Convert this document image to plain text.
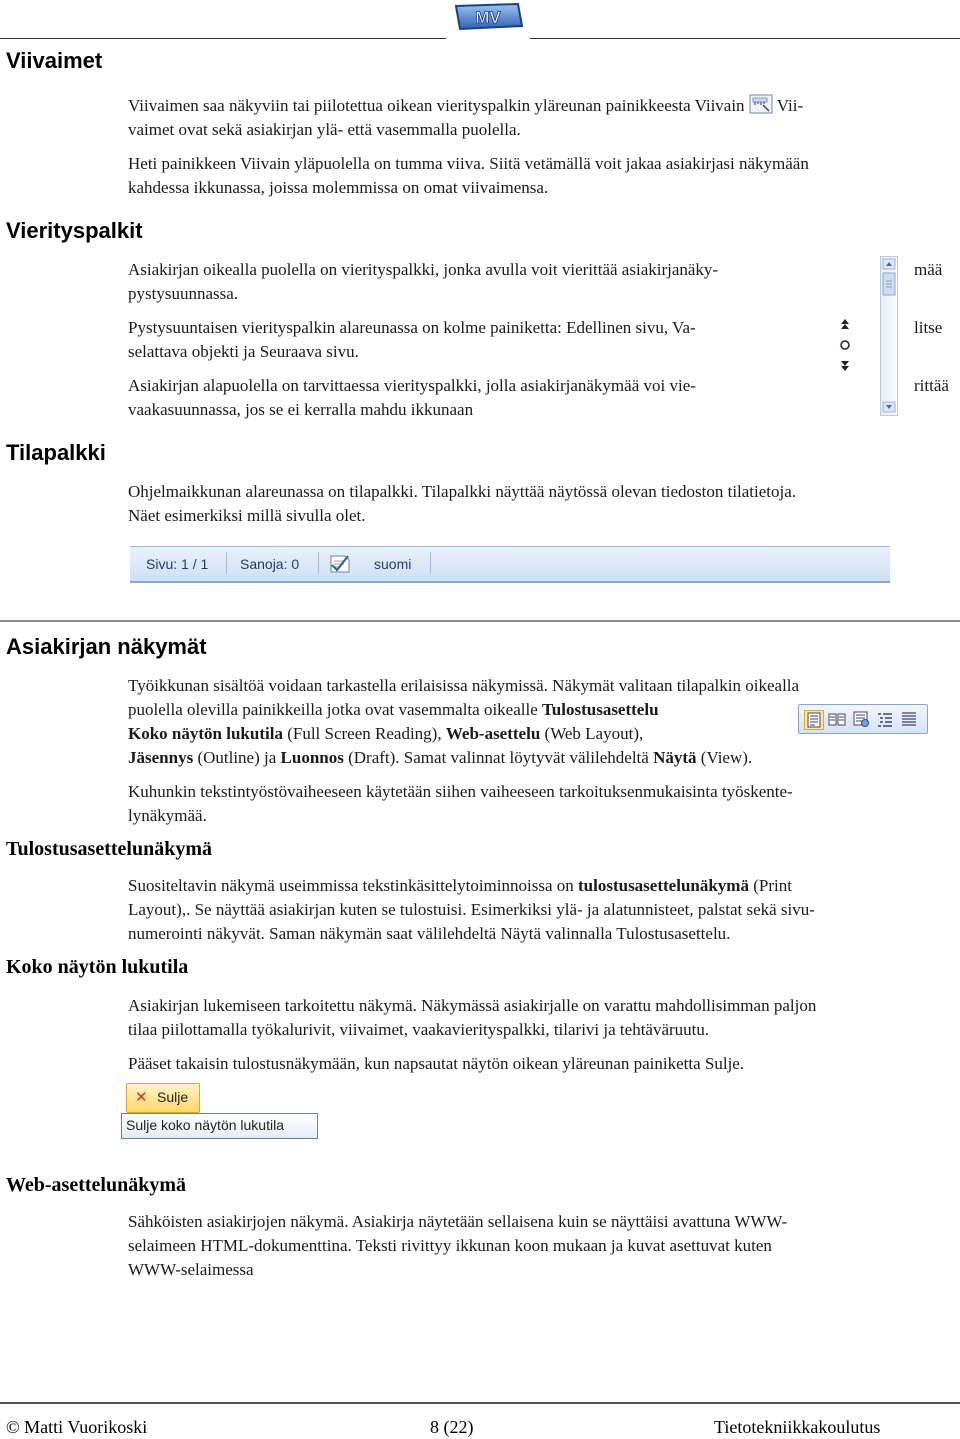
MV
Viivaimet

Viivaimen saa näkyviin tai piilotettua oikean vierityspalkin yläreunan painikkeesta Viivain Vii-

vaimet ovat sekä asiakirjan ylä- että vasemmalla puolella.

Heti painikkeen Viivain yläpuolella on tumma viiva. Siitä vetämällä voit jakaa asiakirjasi näkymään

kahdessa ikkunassa, joissa molemmissa on omat viivaimensa.

Vierityspalkit

Asiakirjan oikealla puolella on vierityspalkki, jonka avulla voit vierittää asiakirjanäky-

pystysuunnassa.

mää

Pystysuuntaisen vierityspalkin alareunassa on kolme painiketta: Edellinen sivu, Va-

selattava objekti ja Seuraava sivu.

litse

Asiakirjan alapuolella on tarvittaessa vierityspalkki, jolla asiakirjanäkymää voi vie-

vaakasuunnassa, jos se ei kerralla mahdu ikkunaan

rittää

Tilapalkki

Ohjelmaikkunan alareunassa on tilapalkki. Tilapalkki näyttää näytössä olevan tiedoston tilatietoja.

Näet esimerkiksi millä sivulla olet.

Sivu: 1 / 1 Sanoja: 0	suomi
Asiakirjan näkymät

Työikkunan sisältöä voidaan tarkastella erilaisissa näkymissä. Näkymät valitaan tilapalkin oikealla

puolella olevilla painikkeilla jotka ovat vasemmalta oikealle Tulostusasettelu

Koko näytön lukutila (Full Screen Reading), Web-asettelu (Web Layout),

Jäsennys (Outline) ja Luonnos (Draft). Samat valinnat löytyvät välilehdeltä Näytä (View).

Kuhunkin tekstintyöstövaiheeseen käytetään siihen vaiheeseen tarkoituksenmukaisinta työskente-

lynäkymää.

Tulostusasettelunäkymä

Suositeltavin näkymä useimmissa tekstinkäsittelytoiminnoissa on tulostusasettelunäkymä (Print

Layout),. Se näyttää asiakirjan kuten se tulostuisi. Esimerkiksi ylä- ja alatunnisteet, palstat sekä sivu-

numerointi näkyvät. Saman näkymän saat välilehdeltä Näytä valinnalla Tulostusasettelu.

Koko näytön lukutila

Asiakirjan lukemiseen tarkoitettu näkymä. Näkymässä asiakirjalle on varattu mahdollisimman paljon

tilaa piilottamalla työkalurivit, viivaimet, vaakavierityspalkki, tilarivi ja tehtäväruutu.

Pääset takaisin tulostusnäkymään, kun napsautat näytön oikean yläreunan painiketta Sulje.

✕ Sulje
Sulje koko näytön lukutila
Web-asettelunäkymä

Sähköisten asiakirjojen näkymä. Asiakirja näytetään sellaisena kuin se näyttäisi avattuna WWW-

selaimeen HTML-dokumenttina. Teksti rivittyy ikkunan koon mukaan ja kuvat asettuvat kuten

WWW-selaimessa

© Matti Vuorikoski	8 (22)	Tietotekniikkakoulutus
